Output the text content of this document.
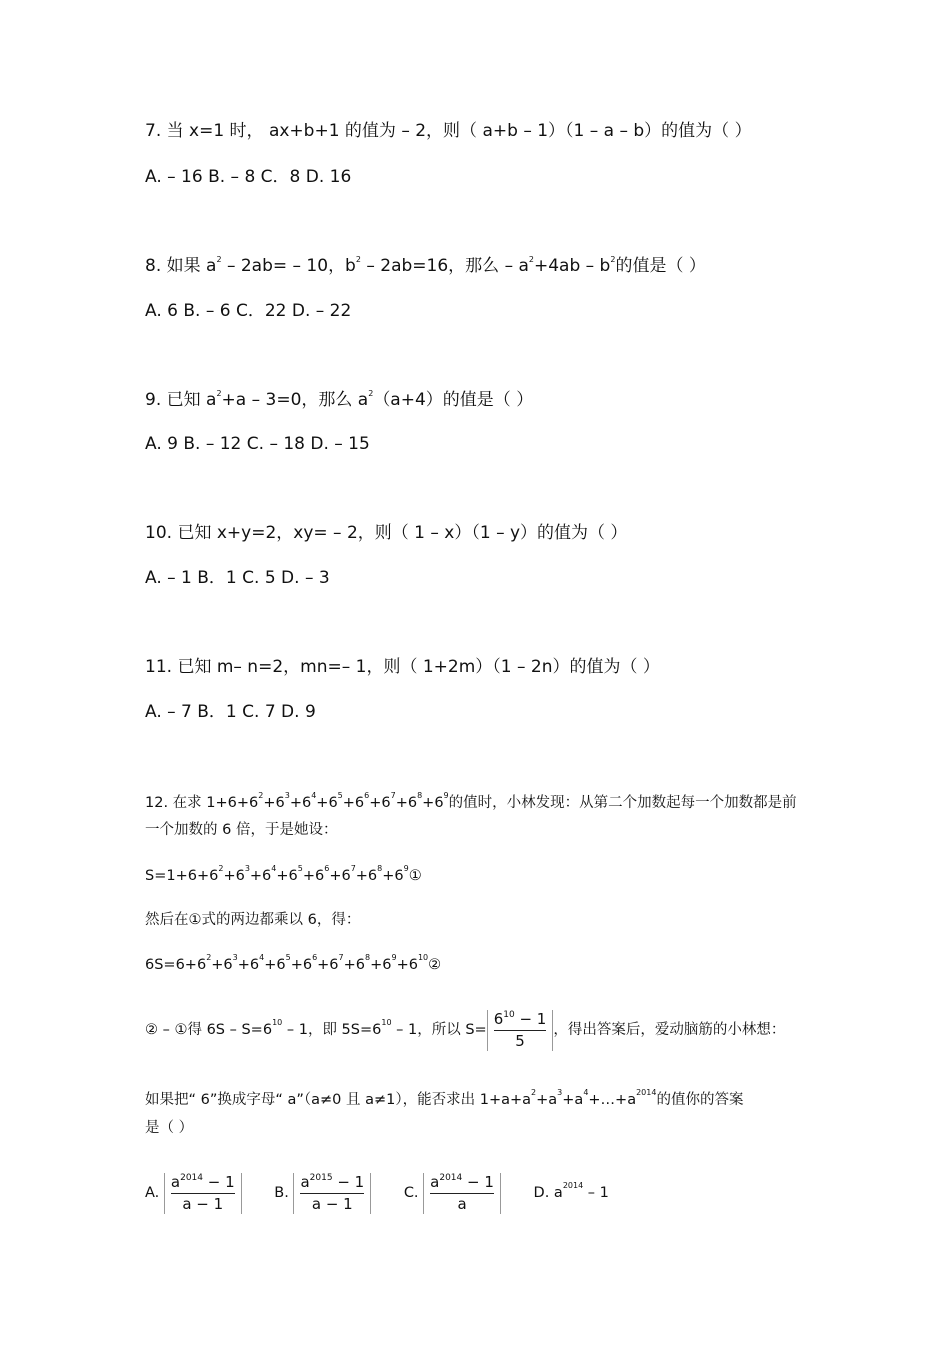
7. 当 x=1 时， ax+b+1 的值为 – 2，则（ a+b – 1）（1 – a – b）的值为（ ）
A. – 16 B. – 8 C．8 D. 16
8. 如果 $a^2 - 2ab= - 10$，$b^2 - 2ab=16$，那么 – $a^2+4ab - b^2$的值是（ ）
A. 6 B. – 6 C．22 D. – 22
9. 已知 $a^2+a - 3=0$，那么 $a^2(a+4)$的值是（ ）
A. 9 B. – 12 C. – 18 D. – 15
10. 已知 x+y=2，xy= – 2，则（ 1 – x）（1 – y）的值为（ ）
A. – 1 B．1 C. 5 D. – 3
11. 已知 m– n=2，mn=– 1，则（ 1+2m）（1 – 2n）的值为（ ）
A. – 7 B．1 C. 7 D. 9
12. 在求 $1+6+6^2+6^3+6^4+6^5+6^6+6^7+6^8+6^9$的值时，小林发现：从第二个加数起每一个加数都是前
一个加数的 6 倍，于是她设：
$S=1+6+6^2+6^3+6^4+6^5+6^6+6^7+6^8+6^9①$
然后在①式的两边都乘以 6，得：
$6S=6+6^2+6^3+6^4+6^5+6^6+6^7+6^8+6^9+6^{10}②$
② – ①得 $6S - S=6^{10} - 1$，即 $5S=6^{10} - 1$，所以 $S= \frac{6^{10} - 1}{5}$ ，得出答案后，爱动脑筋的小林想：
如果把“ 6”换成字母“ a”（a≠0 且 a≠1），能否求出 $1+a+a^2+a^3+a^4+\dots+a^{2014}$的值你的答案
是（ ）
A. $\frac{a^{2014} - 1}{a - 1} B$. $\frac{a^{2015} - 1}{a - 1} C$. $\frac{a^{2014} - 1}{a} D$. $a^{2014} - 1$
